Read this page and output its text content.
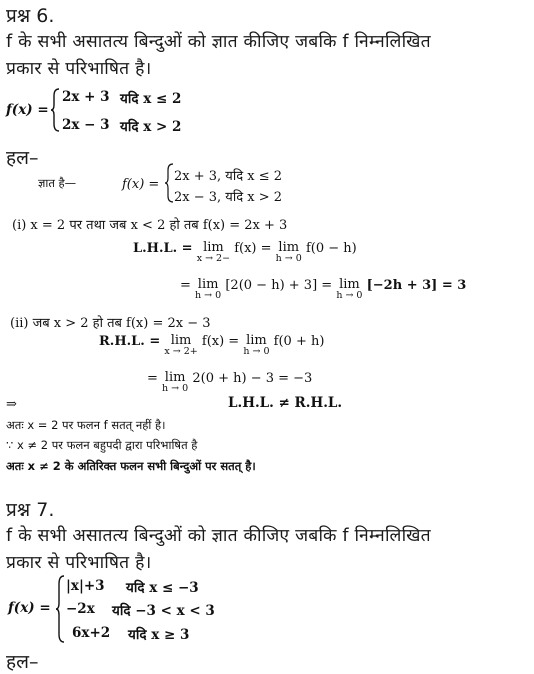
प्रश्न 6.
f के सभी असातत्य बिन्दुओं को ज्ञात कीजिए जबकि f निम्नलिखित
प्रकार से परिभाषित है।
f(x) =
2x + 3 यदि x ≤ 2
2x − 3 यदि x > 2
हल–
ज्ञात है—	f(x) =
2x + 3, यदि x ≤ 2
2x − 3, यदि x > 2
(i) x = 2 पर तथा जब x < 2 हो तब f(x) = 2x + 3
L.H.L. = lim
x → 2−
f(x) = lim
h → 0
f(0 − h)
= lim
h → 0
[2(0 − h) + 3] = lim
h → 0
[−2h + 3] = 3
(ii) जब x > 2 हो तब f(x) = 2x − 3
R.H.L. = lim
x → 2+
f(x) = lim
h → 0
f(0 + h)
= lim
h → 0
2(0 + h) − 3 = −3
⇒	L.H.L. ≠ R.H.L.
अतः x = 2 पर फलन f सतत् नहीं है।
∵ x ≠ 2 पर फलन बहुपदी द्वारा परिभाषित है
अतः x ≠ 2 के अतिरिक्त फलन सभी बिन्दुओं पर सतत् है।
प्रश्न 7.
f के सभी असातत्य बिन्दुओं को ज्ञात कीजिए जबकि f निम्नलिखित
प्रकार से परिभाषित है।
f(x) =
|x|+3 यदि x ≤ −3
−2x यदि −3 < x < 3
6x+2 यदि x ≥ 3
हल–
